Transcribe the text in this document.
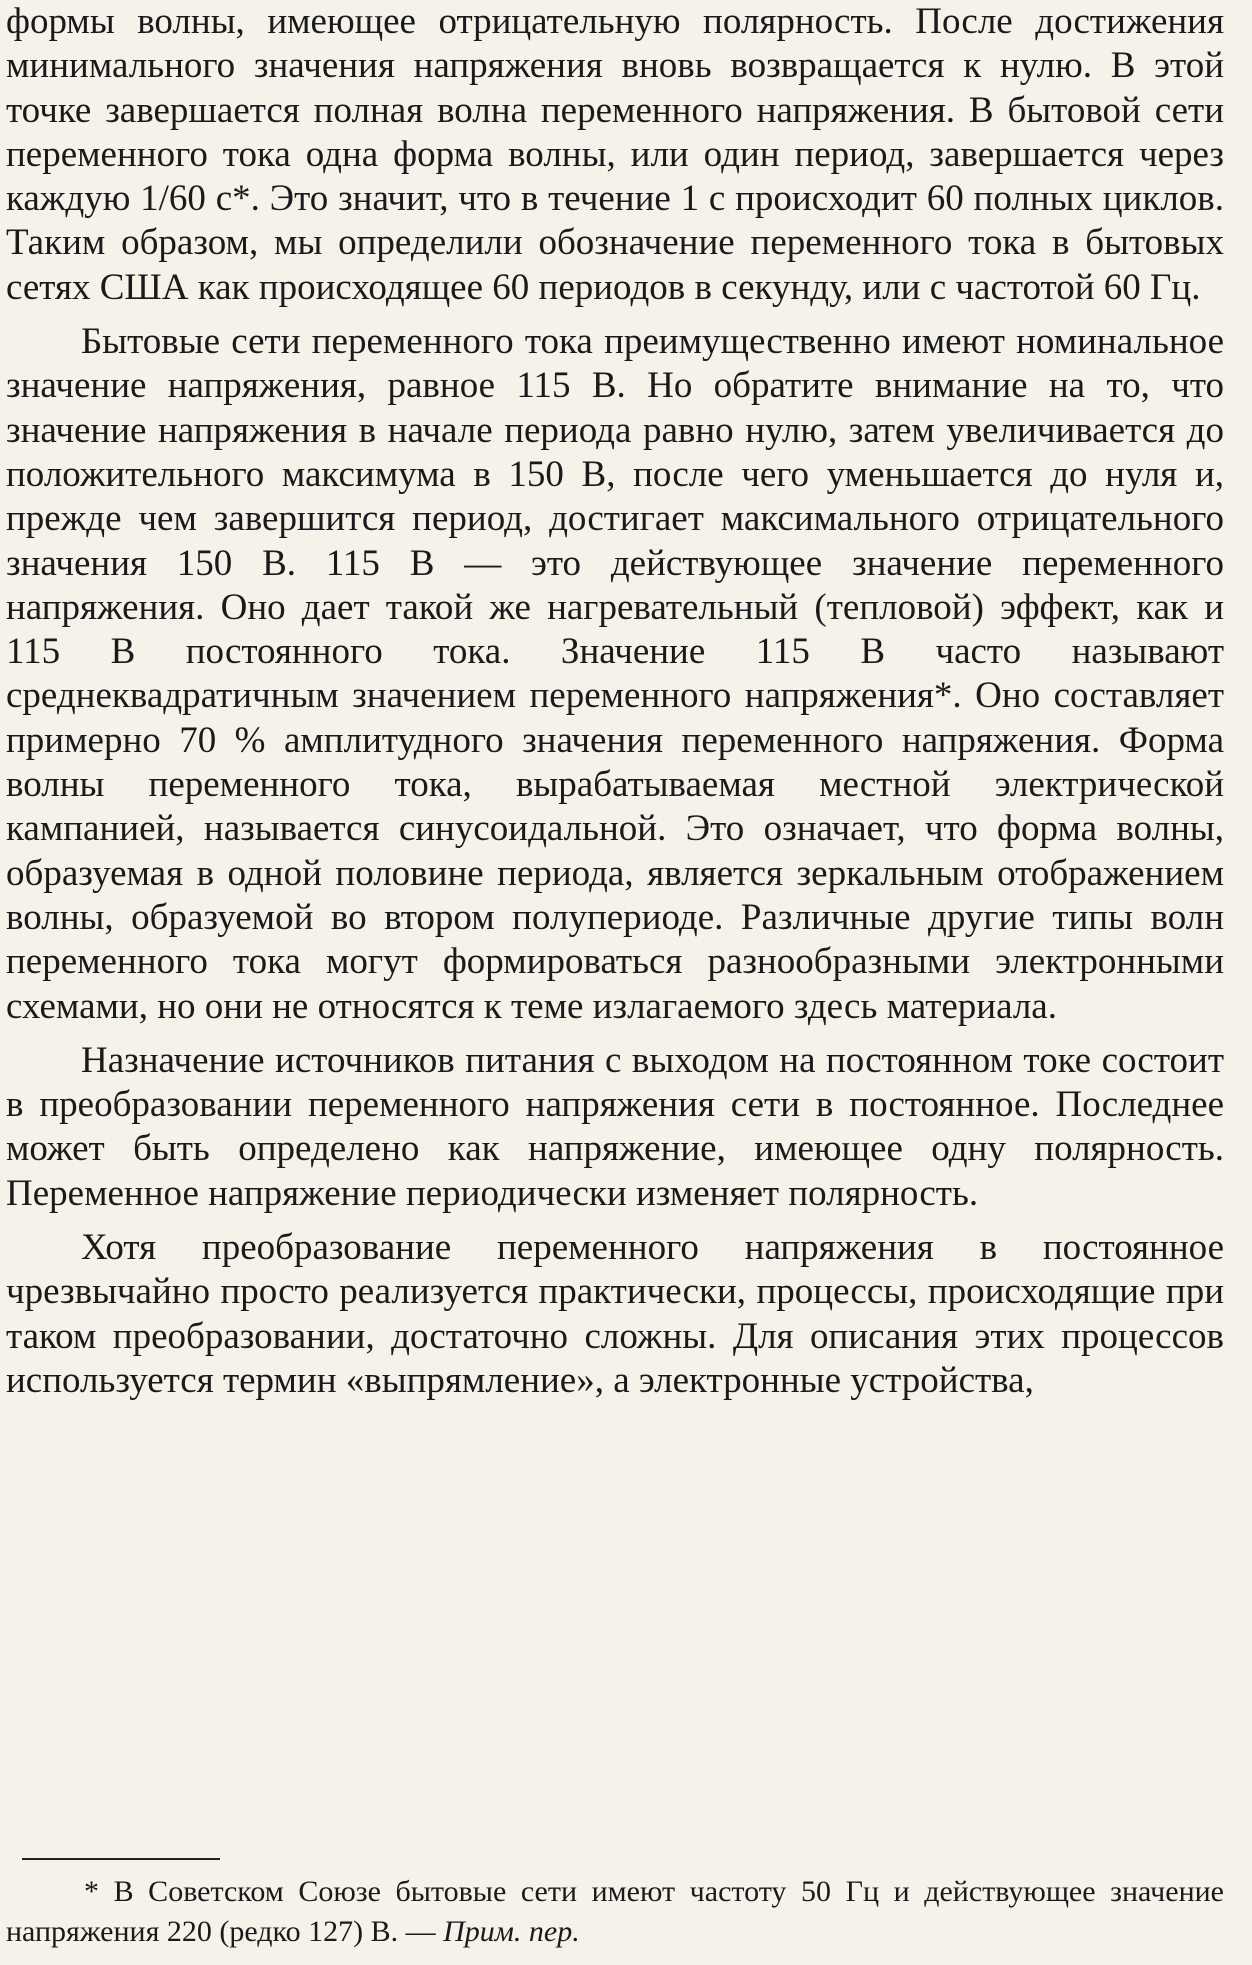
формы волны, имеющее отрицательную полярность. После достижения минимального значения напряжения вновь возвращается к нулю. В этой точке завершается полная волна переменного напряжения. В бытовой сети переменного тока одна форма волны, или один период, завершается через каждую 1/60 с*. Это значит, что в течение 1 с происходит 60 полных циклов. Таким образом, мы определили обозначение переменного тока в бытовых сетях США как происходящее 60 периодов в секунду, или с частотой 60 Гц.

Бытовые сети переменного тока преимущественно имеют номинальное значение напряжения, равное 115 В. Но обратите внимание на то, что значение напряжения в начале периода равно нулю, затем увеличивается до положительного максимума в 150 В, после чего уменьшается до нуля и, прежде чем завершится период, достигает максимального отрицательного значения 150 В. 115 В — это действующее значение переменного напряжения. Оно дает такой же нагревательный (тепловой) эффект, как и 115 В постоянного тока. Значение 115 В часто называют среднеквадратичным значением переменного напряжения*. Оно составляет примерно 70 % амплитудного значения переменного напряжения. Форма волны переменного тока, вырабатываемая местной электрической кампанией, называется синусоидальной. Это означает, что форма волны, образуемая в одной половине периода, является зеркальным отображением волны, образуемой во втором полупериоде. Различные другие типы волн переменного тока могут формироваться разнообразными электронными схемами, но они не относятся к теме излагаемого здесь материала.

Назначение источников питания с выходом на постоянном токе состоит в преобразовании переменного напряжения сети в постоянное. Последнее может быть определено как напряжение, имеющее одну полярность. Переменное напряжение периодически изменяет полярность.

Хотя преобразование переменного напряжения в постоянное чрезвычайно просто реализуется практически, процессы, происходящие при таком преобразовании, достаточно сложны. Для описания этих процессов используется термин «выпрямление», а электронные устройства,

* В Советском Союзе бытовые сети имеют частоту 50 Гц и действующее значение напряжения 220 (редко 127) В. — Прим. пер.
